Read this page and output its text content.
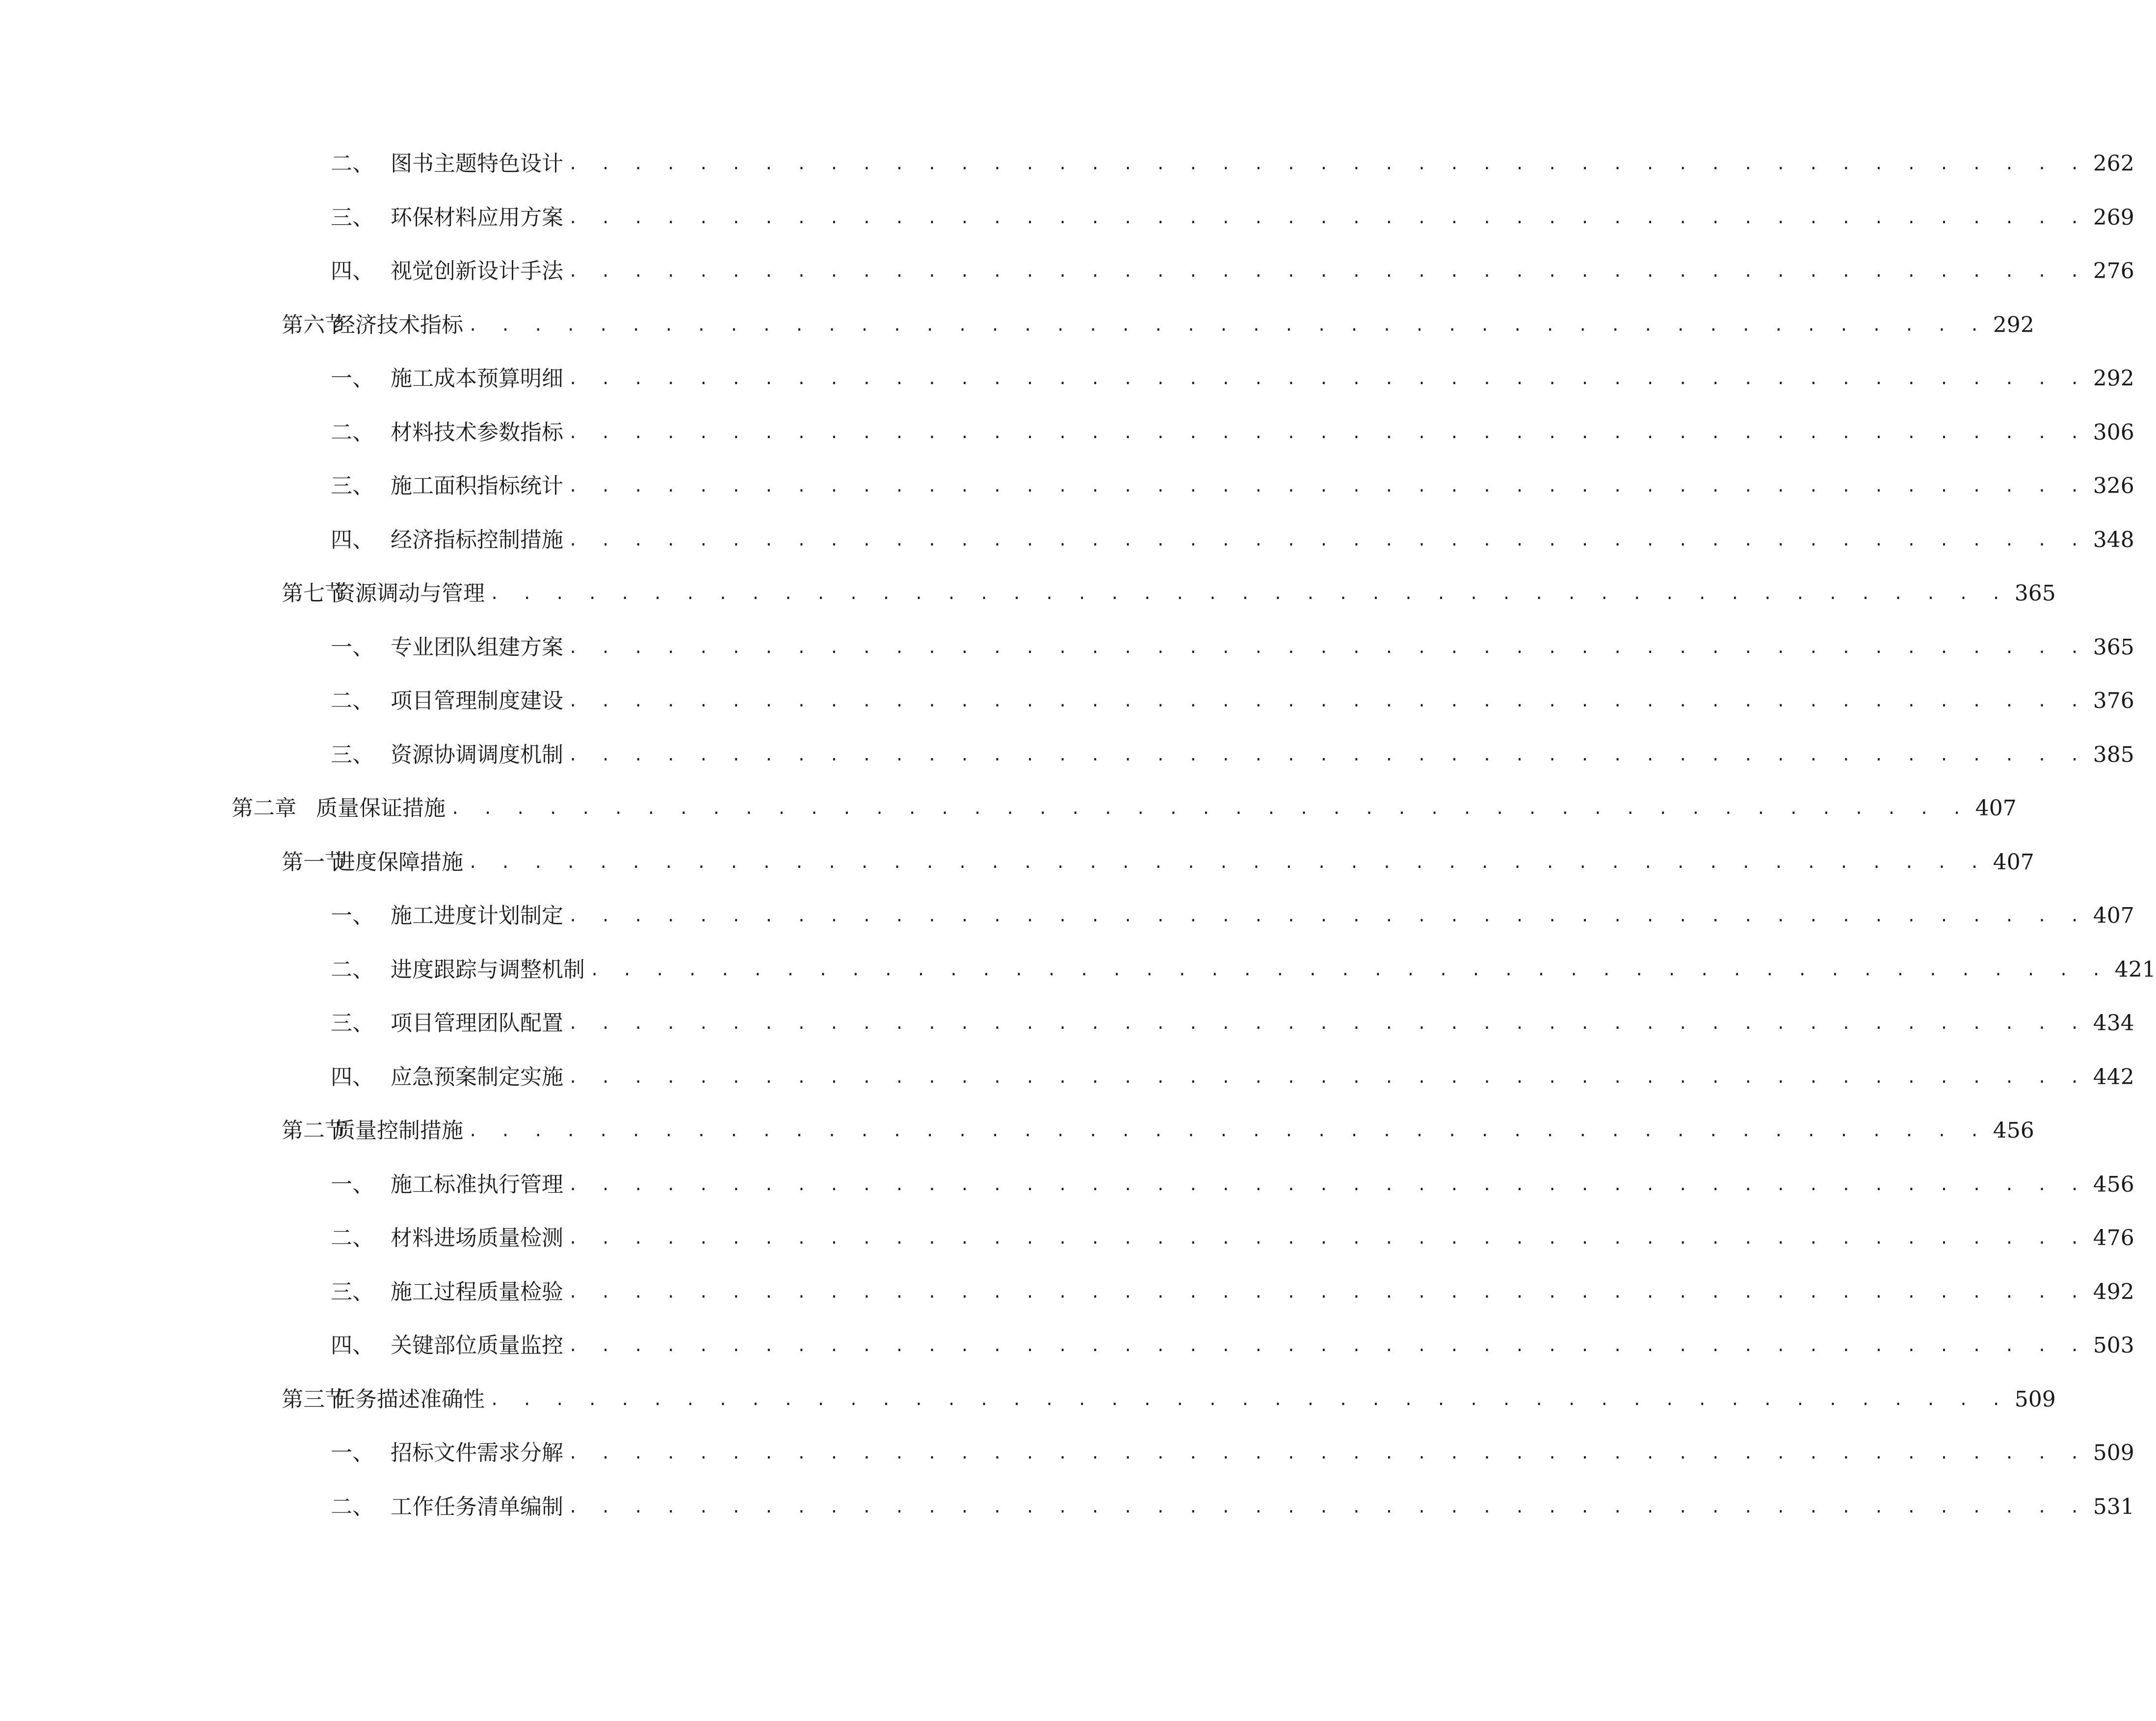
二、 图书主题特色设计 . . . . . . . . . . . . . . . . . . . . . . . . . . . . . . . . . . . . . . . . . . . . . . . 262
三、 环保材料应用方案 . . . . . . . . . . . . . . . . . . . . . . . . . . . . . . . . . . . . . . . . . . . . . . . 269
四、 视觉创新设计手法 . . . . . . . . . . . . . . . . . . . . . . . . . . . . . . . . . . . . . . . . . . . . . . . 276
第六节
经济技术指标 . . . . . . . . . . . . . . . . . . . . . . . . . . . . . . . . . . . . . . . . . . . . . . . 292
一、 施工成本预算明细 . . . . . . . . . . . . . . . . . . . . . . . . . . . . . . . . . . . . . . . . . . . . . . . 292
二、 材料技术参数指标 . . . . . . . . . . . . . . . . . . . . . . . . . . . . . . . . . . . . . . . . . . . . . . . 306
三、 施工面积指标统计 . . . . . . . . . . . . . . . . . . . . . . . . . . . . . . . . . . . . . . . . . . . . . . . 326
四、 经济指标控制措施 . . . . . . . . . . . . . . . . . . . . . . . . . . . . . . . . . . . . . . . . . . . . . . . 348
第七节
资源调动与管理 . . . . . . . . . . . . . . . . . . . . . . . . . . . . . . . . . . . . . . . . . . . . . . . 365
一、 专业团队组建方案 . . . . . . . . . . . . . . . . . . . . . . . . . . . . . . . . . . . . . . . . . . . . . . . 365
二、 项目管理制度建设 . . . . . . . . . . . . . . . . . . . . . . . . . . . . . . . . . . . . . . . . . . . . . . . 376
三、 资源协调调度机制 . . . . . . . . . . . . . . . . . . . . . . . . . . . . . . . . . . . . . . . . . . . . . . . 385
第二章 质量保证措施 . . . . . . . . . . . . . . . . . . . . . . . . . . . . . . . . . . . . . . . . . . . . . . . 407
第一节
进度保障措施 . . . . . . . . . . . . . . . . . . . . . . . . . . . . . . . . . . . . . . . . . . . . . . . 407
一、 施工进度计划制定 . . . . . . . . . . . . . . . . . . . . . . . . . . . . . . . . . . . . . . . . . . . . . . . 407
二、 进度跟踪与调整机制 . . . . . . . . . . . . . . . . . . . . . . . . . . . . . . . . . . . . . . . . . . . . . . . 421
三、 项目管理团队配置 . . . . . . . . . . . . . . . . . . . . . . . . . . . . . . . . . . . . . . . . . . . . . . . 434
四、 应急预案制定实施 . . . . . . . . . . . . . . . . . . . . . . . . . . . . . . . . . . . . . . . . . . . . . . . 442
第二节
质量控制措施 . . . . . . . . . . . . . . . . . . . . . . . . . . . . . . . . . . . . . . . . . . . . . . . 456
一、 施工标准执行管理 . . . . . . . . . . . . . . . . . . . . . . . . . . . . . . . . . . . . . . . . . . . . . . . 456
二、 材料进场质量检测 . . . . . . . . . . . . . . . . . . . . . . . . . . . . . . . . . . . . . . . . . . . . . . . 476
三、 施工过程质量检验 . . . . . . . . . . . . . . . . . . . . . . . . . . . . . . . . . . . . . . . . . . . . . . . 492
四、 关键部位质量监控 . . . . . . . . . . . . . . . . . . . . . . . . . . . . . . . . . . . . . . . . . . . . . . . 503
第三节
任务描述准确性 . . . . . . . . . . . . . . . . . . . . . . . . . . . . . . . . . . . . . . . . . . . . . . . 509
一、 招标文件需求分解 . . . . . . . . . . . . . . . . . . . . . . . . . . . . . . . . . . . . . . . . . . . . . . . 509
二、 工作任务清单编制 . . . . . . . . . . . . . . . . . . . . . . . . . . . . . . . . . . . . . . . . . . . . . . . 531
